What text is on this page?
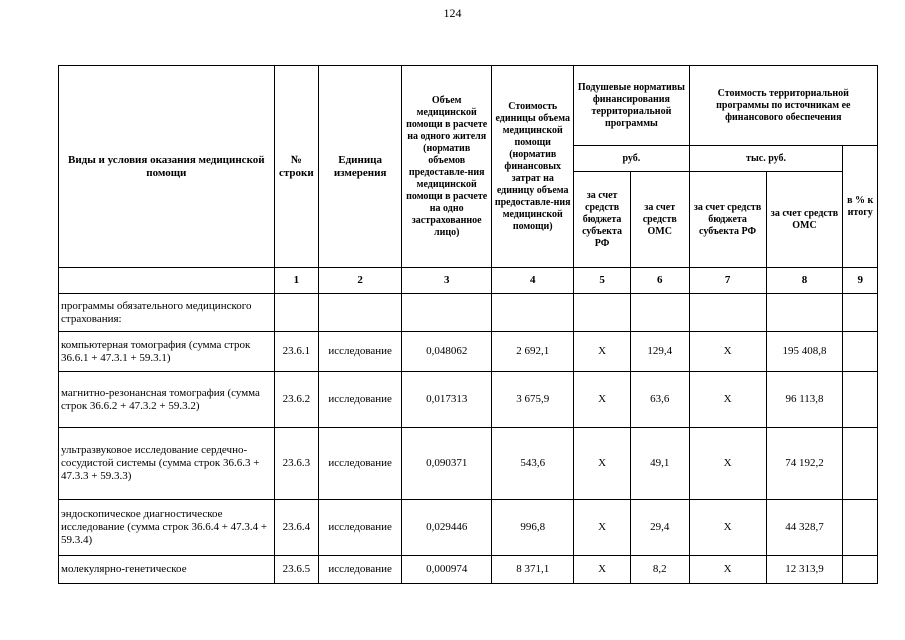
124
Виды и условия оказания медицинской помощи	№ строки	Единица измерения	Объем медицинской помощи в расчете на одного жителя (норматив объемов предоставле-ния медицинской помощи в расчете на одно застрахованное лицо)	Стоимость единицы объема медицинской помощи (норматив финансовых затрат на единицу объема предоставле-ния медицинской помощи)	Подушевые нормативы финансирования территориальной программы		Стоимость территориальной программы по источникам ее финансового обеспечения		
					руб.		тыс. руб.		в % к итогу
					за счет средств бюджета субъекта РФ	за счет средств ОМС	за счет средств бюджета субъекта РФ	за счет средств ОМС	
	1	2	3	4	5	6	7	8	9
программы обязательного медицинского страхования:									
компьютерная томография (сумма строк 36.6.1 + 47.3.1 + 59.3.1)	23.6.1	исследование	0,048062	2 692,1	Х	129,4	Х	195 408,8	
магнитно-резонансная томография (сумма строк 36.6.2 + 47.3.2 + 59.3.2)	23.6.2	исследование	0,017313	3 675,9	Х	63,6	Х	96 113,8	
ультразвуковое исследование сердечно-сосудистой системы (сумма строк 36.6.3 + 47.3.3 + 59.3.3)	23.6.3	исследование	0,090371	543,6	Х	49,1	Х	74 192,2	
эндоскопическое диагностическое исследование (сумма строк 36.6.4 + 47.3.4 + 59.3.4)	23.6.4	исследование	0,029446	996,8	Х	29,4	Х	44 328,7	
молекулярно-генетическое	23.6.5	исследование	0,000974	8 371,1	Х	8,2	Х	12 313,9	
